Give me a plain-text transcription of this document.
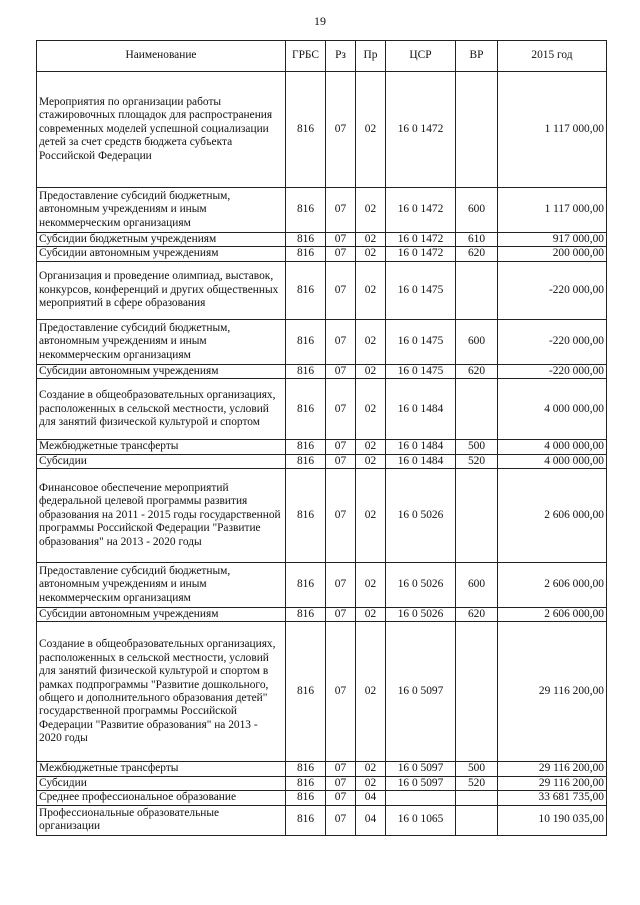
19
Наименование	ГРБС	Рз	Пр	ЦСР	ВР	2015 год
Мероприятия по организации работы стажировочных площадок для распространения современных моделей успешной социализации детей за счет средств бюджета субъекта Российской Федерации	816	07	02	16 0 1472		1 117 000,00
Предоставление субсидий бюджетным, автономным учреждениям и иным некоммерческим организациям	816	07	02	16 0 1472	600	1 117 000,00
Субсидии бюджетным учреждениям	816	07	02	16 0 1472	610	917 000,00
Субсидии автономным учреждениям	816	07	02	16 0 1472	620	200 000,00
Организация и проведение олимпиад, выставок, конкурсов, конференций и других общественных мероприятий в сфере образования	816	07	02	16 0 1475		-220 000,00
Предоставление субсидий бюджетным, автономным учреждениям и иным некоммерческим организациям	816	07	02	16 0 1475	600	-220 000,00
Субсидии автономным учреждениям	816	07	02	16 0 1475	620	-220 000,00
Создание в общеобразовательных организациях, расположенных в сельской местности, условий для занятий физической культурой и спортом	816	07	02	16 0 1484		4 000 000,00
Межбюджетные трансферты	816	07	02	16 0 1484	500	4 000 000,00
Субсидии	816	07	02	16 0 1484	520	4 000 000,00
Финансовое обеспечение мероприятий федеральной целевой программы развития образования на 2011 - 2015 годы государственной программы Российской Федерации "Развитие образования" на 2013 - 2020 годы	816	07	02	16 0 5026		2 606 000,00
Предоставление субсидий бюджетным, автономным учреждениям и иным некоммерческим организациям	816	07	02	16 0 5026	600	2 606 000,00
Субсидии автономным учреждениям	816	07	02	16 0 5026	620	2 606 000,00
Создание в общеобразовательных организациях, расположенных в сельской местности, условий для занятий физической культурой и спортом в рамках подпрограммы "Развитие дошкольного, общего и дополнительного образования детей" государственной программы Российской Федерации "Развитие образования" на 2013 - 2020 годы	816	07	02	16 0 5097		29 116 200,00
Межбюджетные трансферты	816	07	02	16 0 5097	500	29 116 200,00
Субсидии	816	07	02	16 0 5097	520	29 116 200,00
Среднее профессиональное образование	816	07	04			33 681 735,00
Профессиональные образовательные организации	816	07	04	16 0 1065		10 190 035,00
